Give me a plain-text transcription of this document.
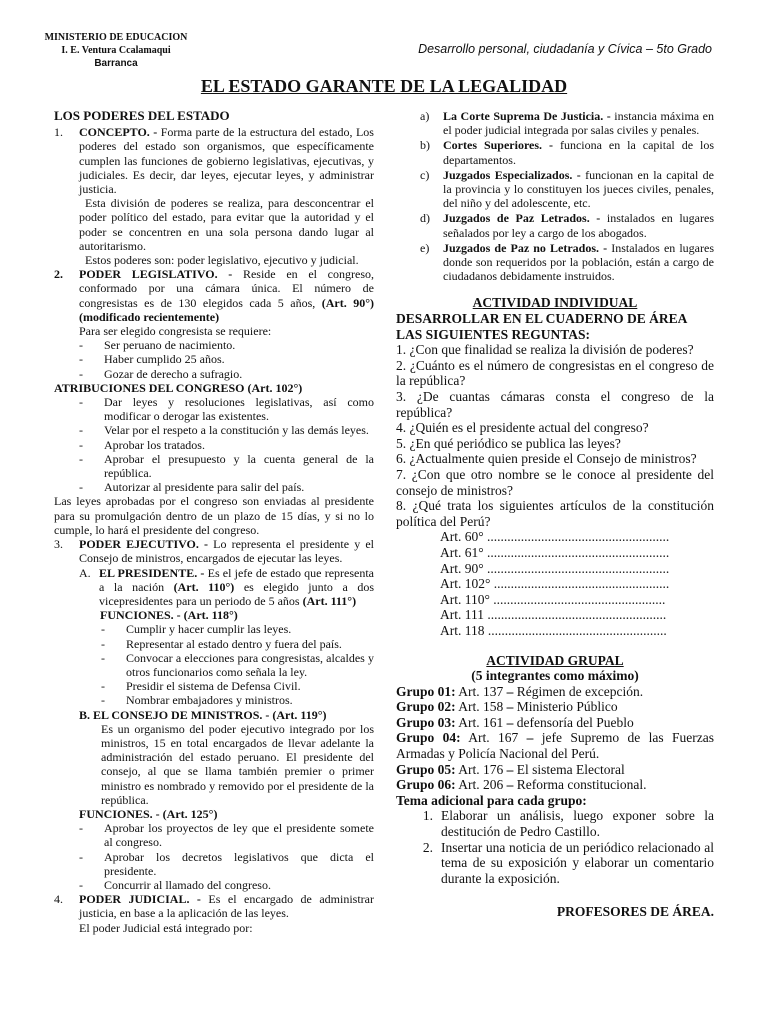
MINISTERIO DE EDUCACION
I. E. Ventura Ccalamaqui
Barranca
Desarrollo personal, ciudadanía y Cívica – 5to Grado
EL ESTADO GARANTE DE LA LEGALIDAD
LOS PODERES DEL ESTADO
1.	CONCEPTO. - Forma parte de la estructura del estado, Los poderes del estado son organismos, que específicamente cumplen las funciones de gobierno legislativas, ejecutivas, y judiciales. Es decir, dar leyes, ejecutar leyes, y administrar justicia.
Esta división de poderes se realiza, para desconcentrar el poder político del estado, para evitar que la autoridad y el poder se concentren en una sola persona dando lugar al autoritarismo.
Estos poderes son: poder legislativo, ejecutivo y judicial.
2.	PODER LEGISLATIVO. - Reside en el congreso, conformado por una cámara única. El número de congresistas es de 130 elegidos cada 5 años, (Art. 90°) (modificado recientemente)
Para ser elegido congresista se requiere:
-	Ser peruano de nacimiento.
-	Haber cumplido 25 años.
-	Gozar de derecho a sufragio.
ATRIBUCIONES DEL CONGRESO (Art. 102°)
-	Dar leyes y resoluciones legislativas, así como modificar o derogar las existentes.
-	Velar por el respeto a la constitución y las demás leyes.
-	Aprobar los tratados.
-	Aprobar el presupuesto y la cuenta general de la república.
-	Autorizar al presidente para salir del país.
Las leyes aprobadas por el congreso son enviadas al presidente para su promulgación dentro de un plazo de 15 días, y si no lo cumple, lo hará el presidente del congreso.
3.	PODER EJECUTIVO. - Lo representa el presidente y el Consejo de ministros, encargados de ejecutar las leyes.
A. EL PRESIDENTE. - Es el jefe de estado que representa a la nación (Art. 110°) es elegido junto a dos vicepresidentes para un periodo de 5 años (Art. 111°)
FUNCIONES. - (Art. 118°)
-	Cumplir y hacer cumplir las leyes.
-	Representar al estado dentro y fuera del país.
-	Convocar a elecciones para congresistas, alcaldes y otros funcionarios como señala la ley.
-	Presidir el sistema de Defensa Civil.
-	Nombrar embajadores y ministros.
B. EL CONSEJO DE MINISTROS. - (Art. 119°)
Es un organismo del poder ejecutivo integrado por los ministros, 15 en total encargados de llevar adelante la administración del estado peruano. El presidente del consejo, al que se llama también premier o primer ministro es nombrado y removido por el presidente de la república.
FUNCIONES. - (Art. 125°)
-	Aprobar los proyectos de ley que el presidente somete al congreso.
-	Aprobar los decretos legislativos que dicta el presidente.
-	Concurrir al llamado del congreso.
4.	PODER JUDICIAL. - Es el encargado de administrar justicia, en base a la aplicación de las leyes.
El poder Judicial está integrado por:
a)	La Corte Suprema De Justicia. - instancia máxima en el poder judicial integrada por salas civiles y penales.
b)	Cortes Superiores. - funciona en la capital de los departamentos.
c)	Juzgados Especializados. - funcionan en la capital de la provincia y lo constituyen los jueces civiles, penales, del niño y del adolescente, etc.
d)	Juzgados de Paz Letrados. - instalados en lugares señalados por ley a cargo de los abogados.
e)	Juzgados de Paz no Letrados. - Instalados en lugares donde son requeridos por la población, están a cargo de ciudadanos debidamente instruidos.
ACTIVIDAD INDIVIDUAL
DESARROLLAR EN EL CUADERNO DE ÁREA LAS SIGUIENTES REGUNTAS:
1. ¿Con que finalidad se realiza la división de poderes?
2. ¿Cuánto es el número de congresistas en el congreso de la república?
3. ¿De cuantas cámaras consta el congreso de la república?
4. ¿Quién es el presidente actual del congreso?
5. ¿En qué periódico se publica las leyes?
6. ¿Actualmente quien preside el Consejo de ministros?
7. ¿Con que otro nombre se le conoce al presidente del consejo de ministros?
8. ¿Qué trata los siguientes artículos de la constitución política del Perú?
Art. 60° ......................................................
Art. 61° ......................................................
Art. 90° ......................................................
Art. 102° ....................................................
Art. 110° ...................................................
Art. 111 .....................................................
Art. 118 .....................................................
ACTIVIDAD GRUPAL
(5 integrantes como máximo)
Grupo 01: Art. 137 – Régimen de excepción.
Grupo 02: Art. 158 – Ministerio Público
Grupo 03: Art. 161 – defensoría del Pueblo
Grupo 04: Art. 167 – jefe Supremo de las Fuerzas Armadas y Policía Nacional del Perú.
Grupo 05: Art. 176 – El sistema Electoral
Grupo 06: Art. 206 – Reforma constitucional.
Tema adicional para cada grupo:
1. Elaborar un análisis, luego exponer sobre la destitución de Pedro Castillo.
2. Insertar una noticia de un periódico relacionado al tema de su exposición y elaborar un comentario durante la exposición.
PROFESORES DE ÁREA.
